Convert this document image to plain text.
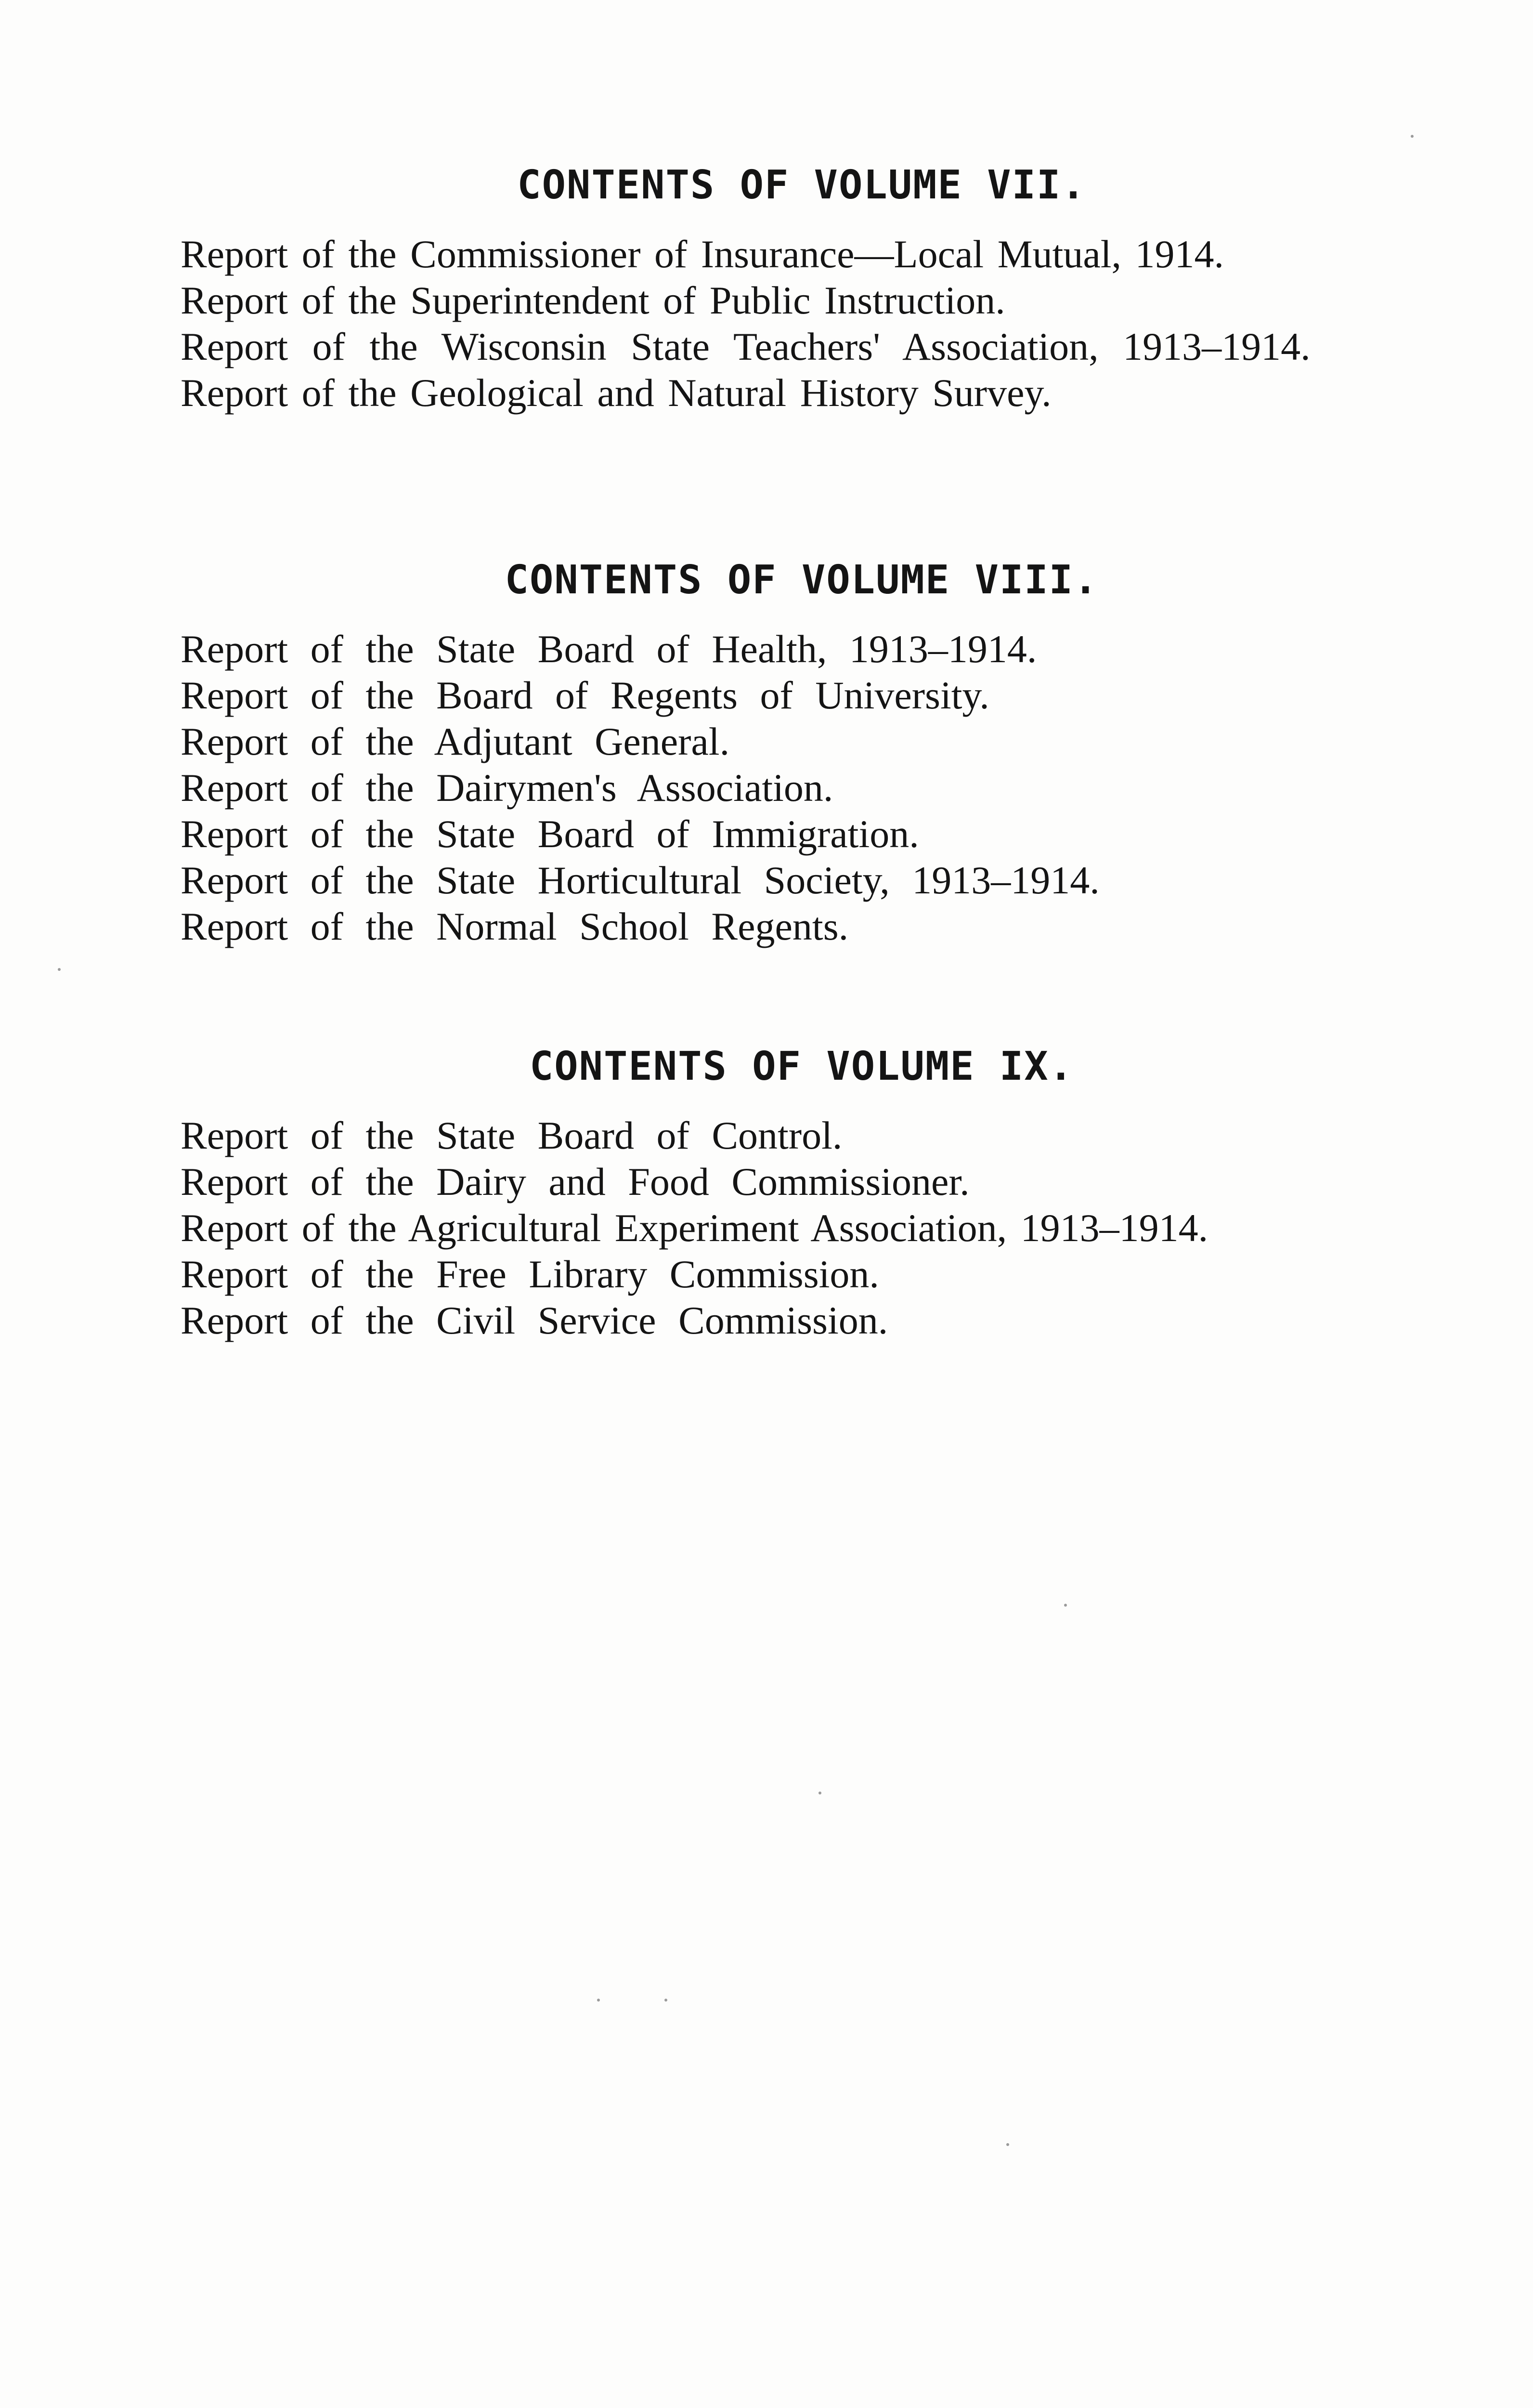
CONTENTS OF VOLUME VII.
Report of the Commissioner of Insurance—Local Mutual, 1914.
Report of the Superintendent of Public Instruction.
Report of the Wisconsin State Teachers' Association, 1913–1914.
Report of the Geological and Natural History Survey.
CONTENTS OF VOLUME VIII.
Report of the State Board of Health, 1913–1914.
Report of the Board of Regents of University.
Report of the Adjutant General.
Report of the Dairymen's Association.
Report of the State Board of Immigration.
Report of the State Horticultural Society, 1913–1914.
Report of the Normal School Regents.
CONTENTS OF VOLUME IX.
Report of the State Board of Control.
Report of the Dairy and Food Commissioner.
Report of the Agricultural Experiment Association, 1913–1914.
Report of the Free Library Commission.
Report of the Civil Service Commission.
